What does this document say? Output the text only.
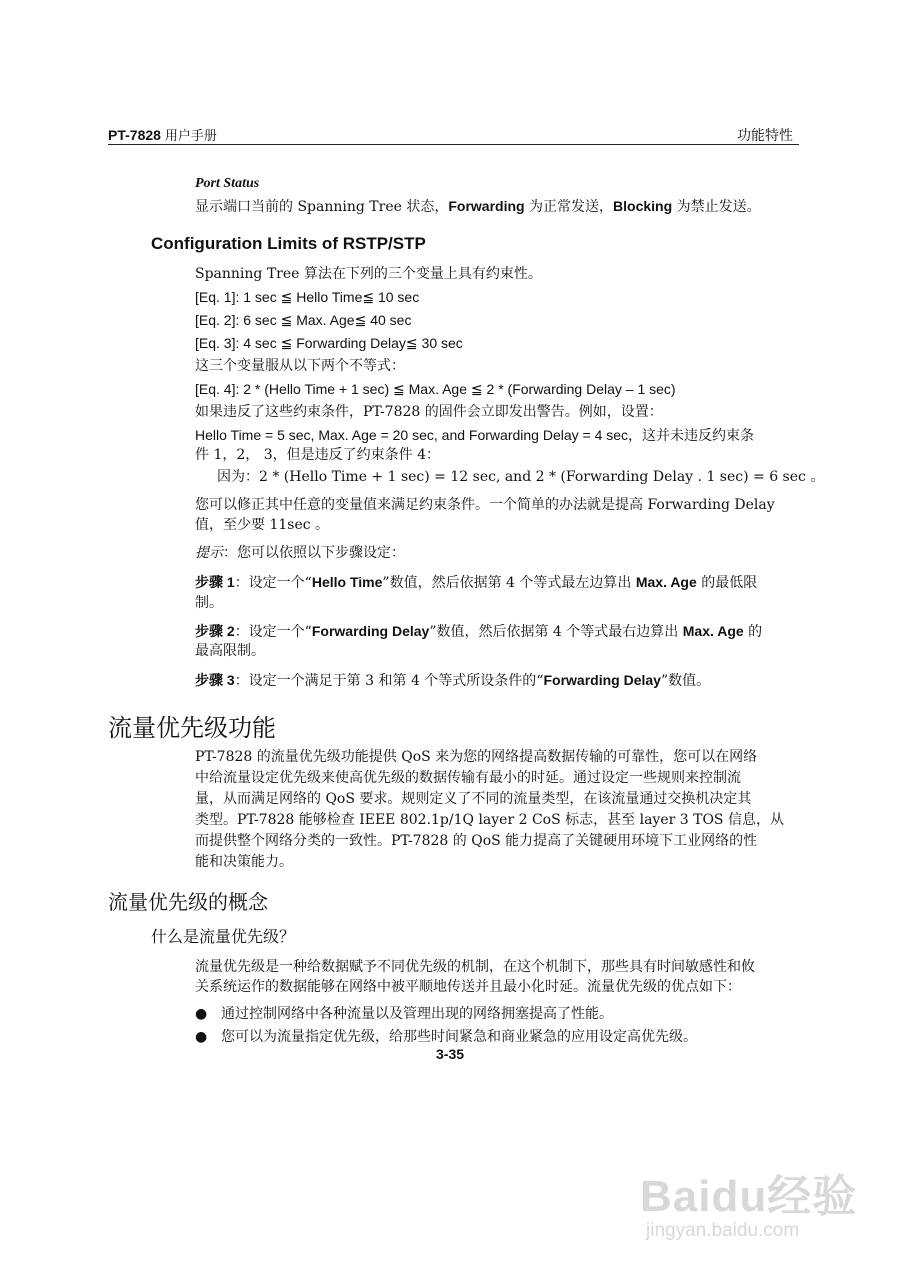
PT-7828 用户手册	功能特性
Port Status
显示端口当前的 Spanning Tree 状态，Forwarding 为正常发送，Blocking 为禁止发送。
Configuration Limits of RSTP/STP
Spanning Tree 算法在下列的三个变量上具有约束性。
[Eq. 1]: 1 sec ≦ Hello Time≦ 10 sec
[Eq. 2]: 6 sec ≦ Max. Age≦ 40 sec
[Eq. 3]: 4 sec ≦ Forwarding Delay≦ 30 sec
这三个变量服从以下两个不等式：
[Eq. 4]: 2 * (Hello Time + 1 sec) ≦ Max. Age ≦ 2 * (Forwarding Delay – 1 sec)
如果违反了这些约束条件，PT-7828 的固件会立即发出警告。例如，设置：
Hello Time = 5 sec, Max. Age = 20 sec, and Forwarding Delay = 4 sec，这并未违反约束条
件 1，2， 3，但是违反了约束条件 4：
因为：2 * (Hello Time + 1 sec) = 12 sec, and 2 * (Forwarding Delay . 1 sec) = 6 sec 。
您可以修正其中任意的变量值来满足约束条件。一个简单的办法就是提高 Forwarding Delay
值，至少要 11sec 。
提示：您可以依照以下步骤设定：
步骤 1：设定一个“Hello Time”数值，然后依据第 4 个等式最左边算出 Max. Age 的最低限
制。
步骤 2：设定一个“Forwarding Delay”数值，然后依据第 4 个等式最右边算出 Max. Age 的
最高限制。
步骤 3：设定一个满足于第 3 和第 4 个等式所设条件的“Forwarding Delay”数值。
流量优先级功能
PT-7828 的流量优先级功能提供 QoS 来为您的网络提高数据传输的可靠性，您可以在网络
中给流量设定优先级来使高优先级的数据传输有最小的时延。通过设定一些规则来控制流
量，从而满足网络的 QoS 要求。规则定义了不同的流量类型，在该流量通过交换机决定其
类型。PT-7828 能够检查 IEEE 802.1p/1Q layer 2 CoS 标志，甚至 layer 3 TOS 信息，从
而提供整个网络分类的一致性。PT-7828 的 QoS 能力提高了关键硬用环境下工业网络的性
能和决策能力。
流量优先级的概念
什么是流量优先级？
流量优先级是一种给数据赋予不同优先级的机制，在这个机制下，那些具有时间敏感性和攸
关系统运作的数据能够在网络中被平顺地传送并且最小化时延。流量优先级的优点如下：
● 通过控制网络中各种流量以及管理出现的网络拥塞提高了性能。
● 您可以为流量指定优先级，给那些时间紧急和商业紧急的应用设定高优先级。
3-35
Baidu经验
jingyan.baidu.com
